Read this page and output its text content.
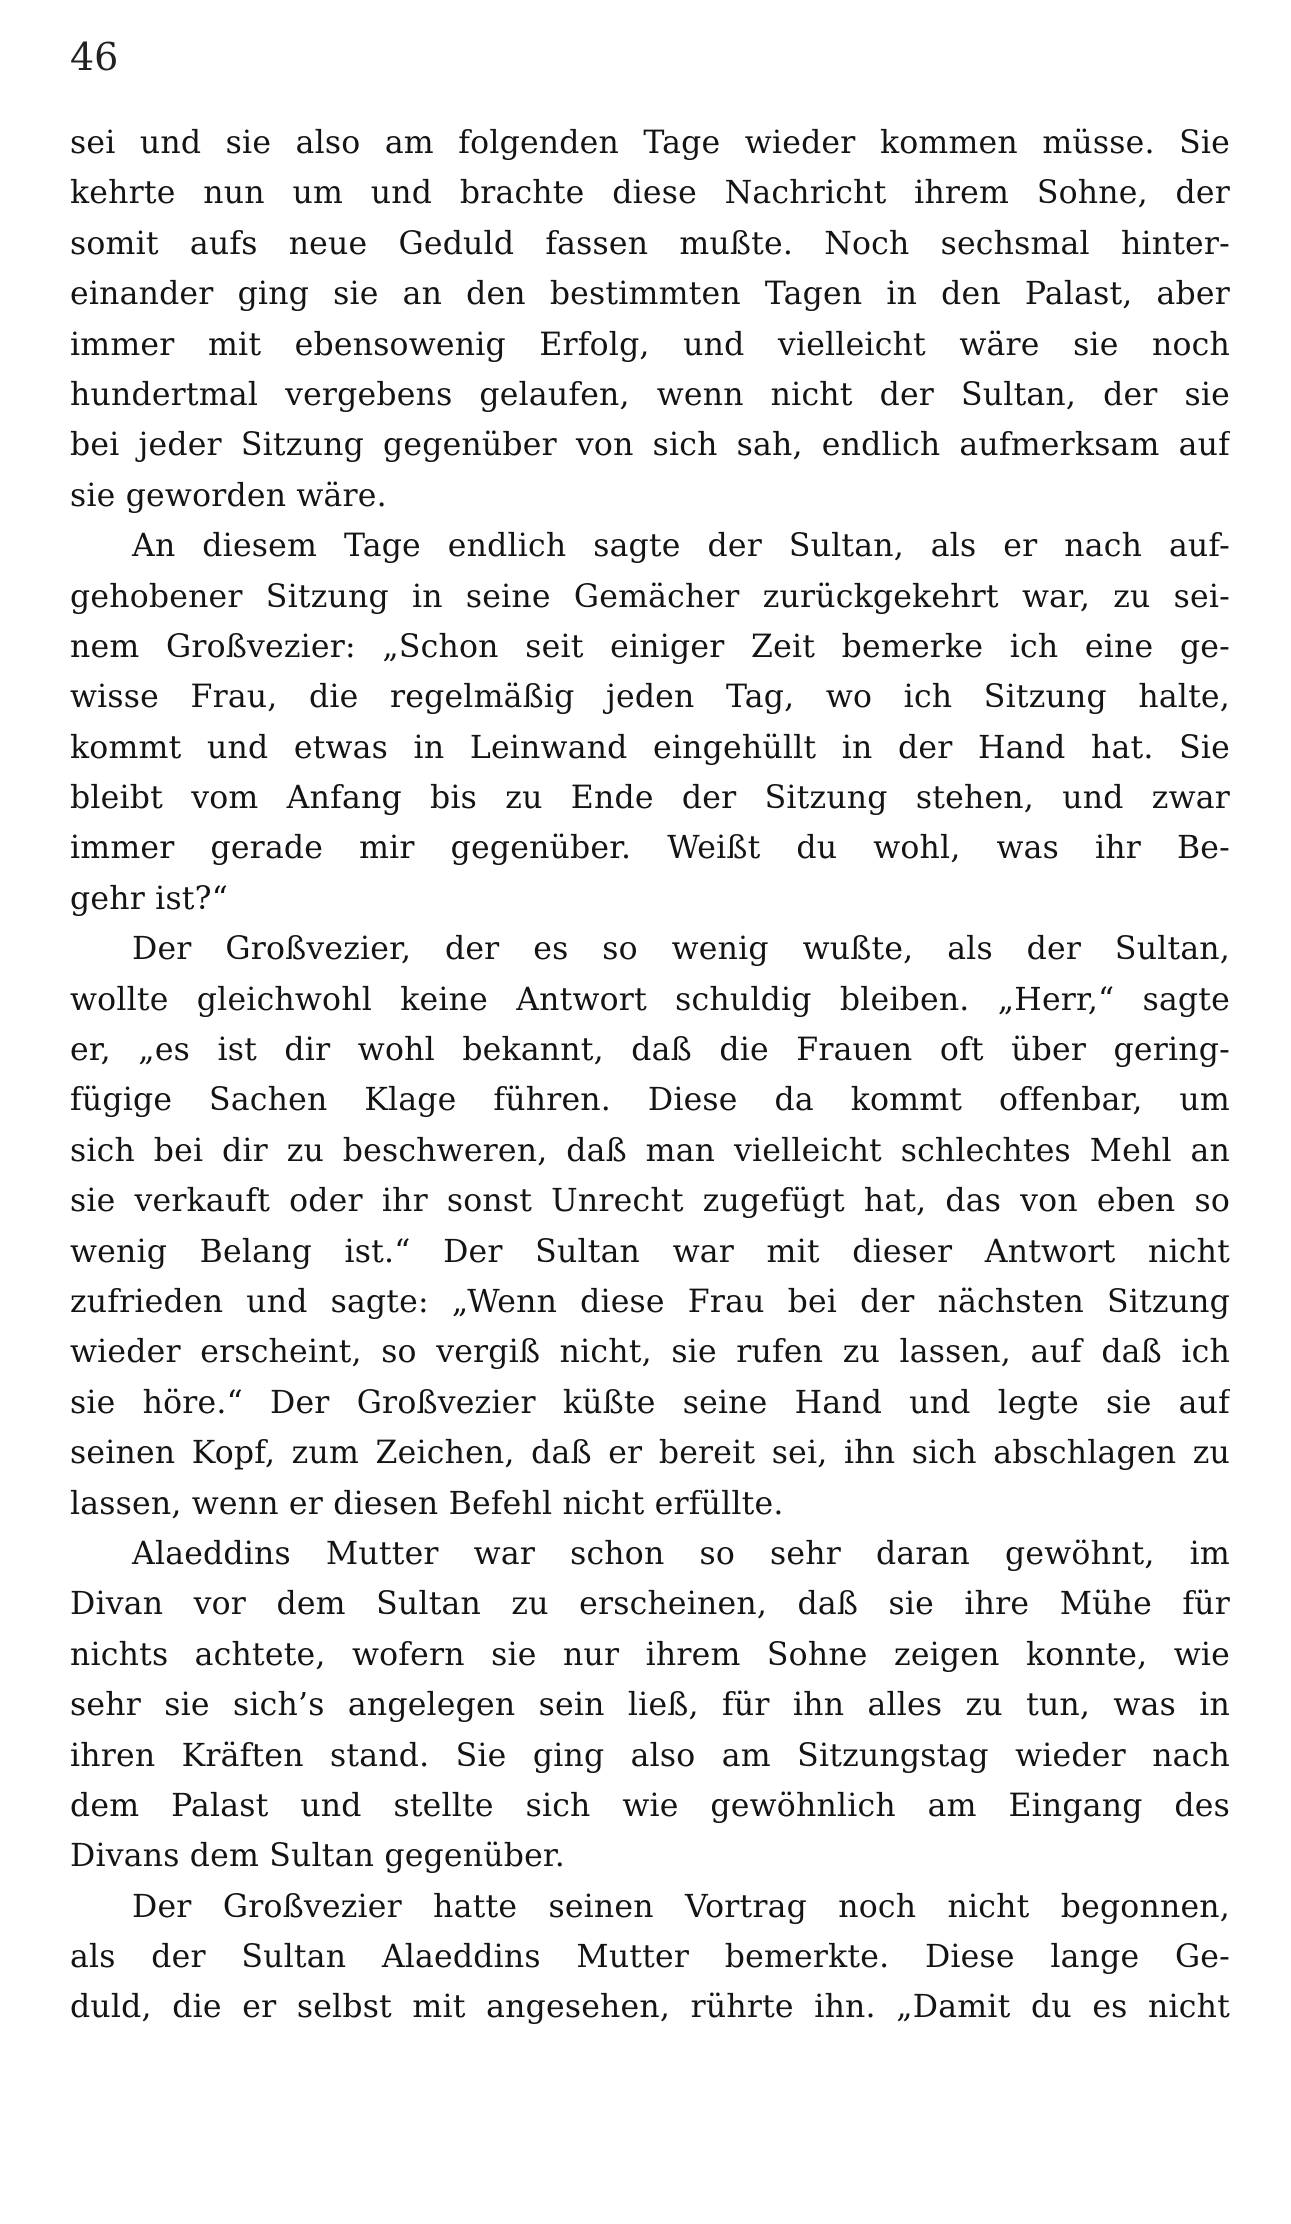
46
sei und sie also am folgenden Tage wieder kommen müsse. Sie
kehrte nun um und brachte diese Nachricht ihrem Sohne, der
somit aufs neue Geduld fassen mußte. Noch sechsmal hinter-
einander ging sie an den bestimmten Tagen in den Palast, aber
immer mit ebensowenig Erfolg, und vielleicht wäre sie noch
hundertmal vergebens gelaufen, wenn nicht der Sultan, der sie
bei jeder Sitzung gegenüber von sich sah, endlich aufmerksam auf
sie geworden wäre.
An diesem Tage endlich sagte der Sultan, als er nach auf-
gehobener Sitzung in seine Gemächer zurückgekehrt war, zu sei-
nem Großvezier: „Schon seit einiger Zeit bemerke ich eine ge-
wisse Frau, die regelmäßig jeden Tag, wo ich Sitzung halte,
kommt und etwas in Leinwand eingehüllt in der Hand hat. Sie
bleibt vom Anfang bis zu Ende der Sitzung stehen, und zwar
immer gerade mir gegenüber. Weißt du wohl, was ihr Be-
gehr ist?“
Der Großvezier, der es so wenig wußte, als der Sultan,
wollte gleichwohl keine Antwort schuldig bleiben. „Herr,“ sagte
er, „es ist dir wohl bekannt, daß die Frauen oft über gering-
fügige Sachen Klage führen. Diese da kommt offenbar, um
sich bei dir zu beschweren, daß man vielleicht schlechtes Mehl an
sie verkauft oder ihr sonst Unrecht zugefügt hat, das von eben so
wenig Belang ist.“ Der Sultan war mit dieser Antwort nicht
zufrieden und sagte: „Wenn diese Frau bei der nächsten Sitzung
wieder erscheint, so vergiß nicht, sie rufen zu lassen, auf daß ich
sie höre.“ Der Großvezier küßte seine Hand und legte sie auf
seinen Kopf, zum Zeichen, daß er bereit sei, ihn sich abschlagen zu
lassen, wenn er diesen Befehl nicht erfüllte.
Alaeddins Mutter war schon so sehr daran gewöhnt, im
Divan vor dem Sultan zu erscheinen, daß sie ihre Mühe für
nichts achtete, wofern sie nur ihrem Sohne zeigen konnte, wie
sehr sie sich’s angelegen sein ließ, für ihn alles zu tun, was in
ihren Kräften stand. Sie ging also am Sitzungstag wieder nach
dem Palast und stellte sich wie gewöhnlich am Eingang des
Divans dem Sultan gegenüber.
Der Großvezier hatte seinen Vortrag noch nicht begonnen,
als der Sultan Alaeddins Mutter bemerkte. Diese lange Ge-
duld, die er selbst mit angesehen, rührte ihn. „Damit du es nicht
